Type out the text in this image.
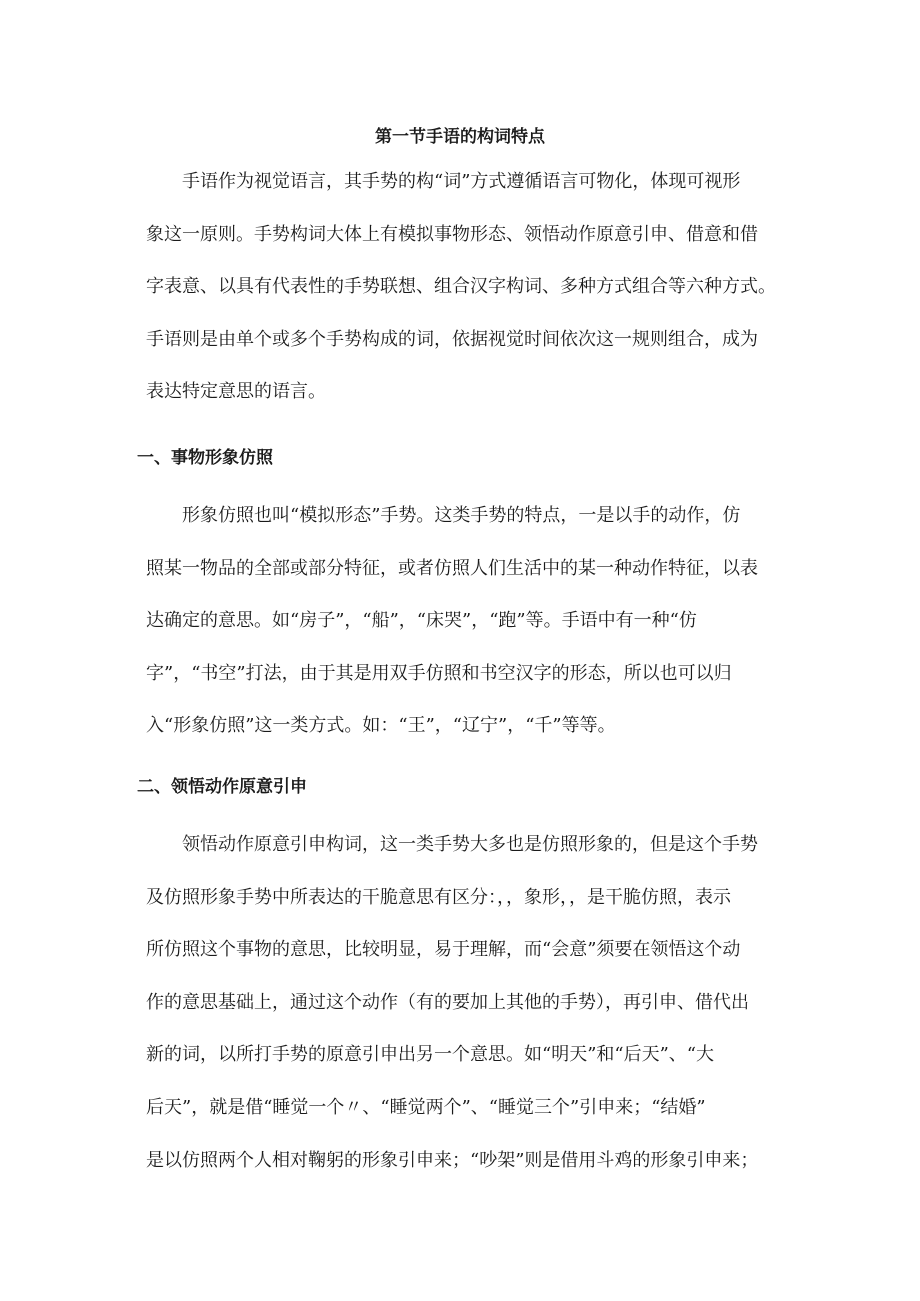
第一节手语的构词特点
　　手语作为视觉语言，其手势的构“词”方式遵循语言可物化，体现可视形
象这一原则。手势构词大体上有模拟事物形态、领悟动作原意引申、借意和借
字表意、以具有代表性的手势联想、组合汉字构词、多种方式组合等六种方式。
手语则是由单个或多个手势构成的词，依据视觉时间依次这一规则组合，成为
表达特定意思的语言。
一、事物形象仿照
　　形象仿照也叫“模拟形态”手势。这类手势的特点，一是以手的动作，仿
照某一物品的全部或部分特征，或者仿照人们生活中的某一种动作特征，以表
达确定的意思。如“房子”，“船”，“床哭”，“跑”等。手语中有一种“仿
字”，“书空”打法，由于其是用双手仿照和书空汉字的形态，所以也可以归
入“形象仿照”这一类方式。如：“王”，“辽宁”，“千”等等。
二、领悟动作原意引申
　　领悟动作原意引申构词，这一类手势大多也是仿照形象的，但是这个手势
及仿照形象手势中所表达的干脆意思有区分：，，象形，，是干脆仿照，表示
所仿照这个事物的意思，比较明显，易于理解，而“会意”须要在领悟这个动
作的意思基础上，通过这个动作（有的要加上其他的手势），再引申、借代出
新的词，以所打手势的原意引申出另一个意思。如“明天”和“后天”、“大
后天”，就是借“睡觉一个〃、“睡觉两个”、“睡觉三个”引申来；“结婚”
是以仿照两个人相对鞠躬的形象引申来；“吵架”则是借用斗鸡的形象引申来；
